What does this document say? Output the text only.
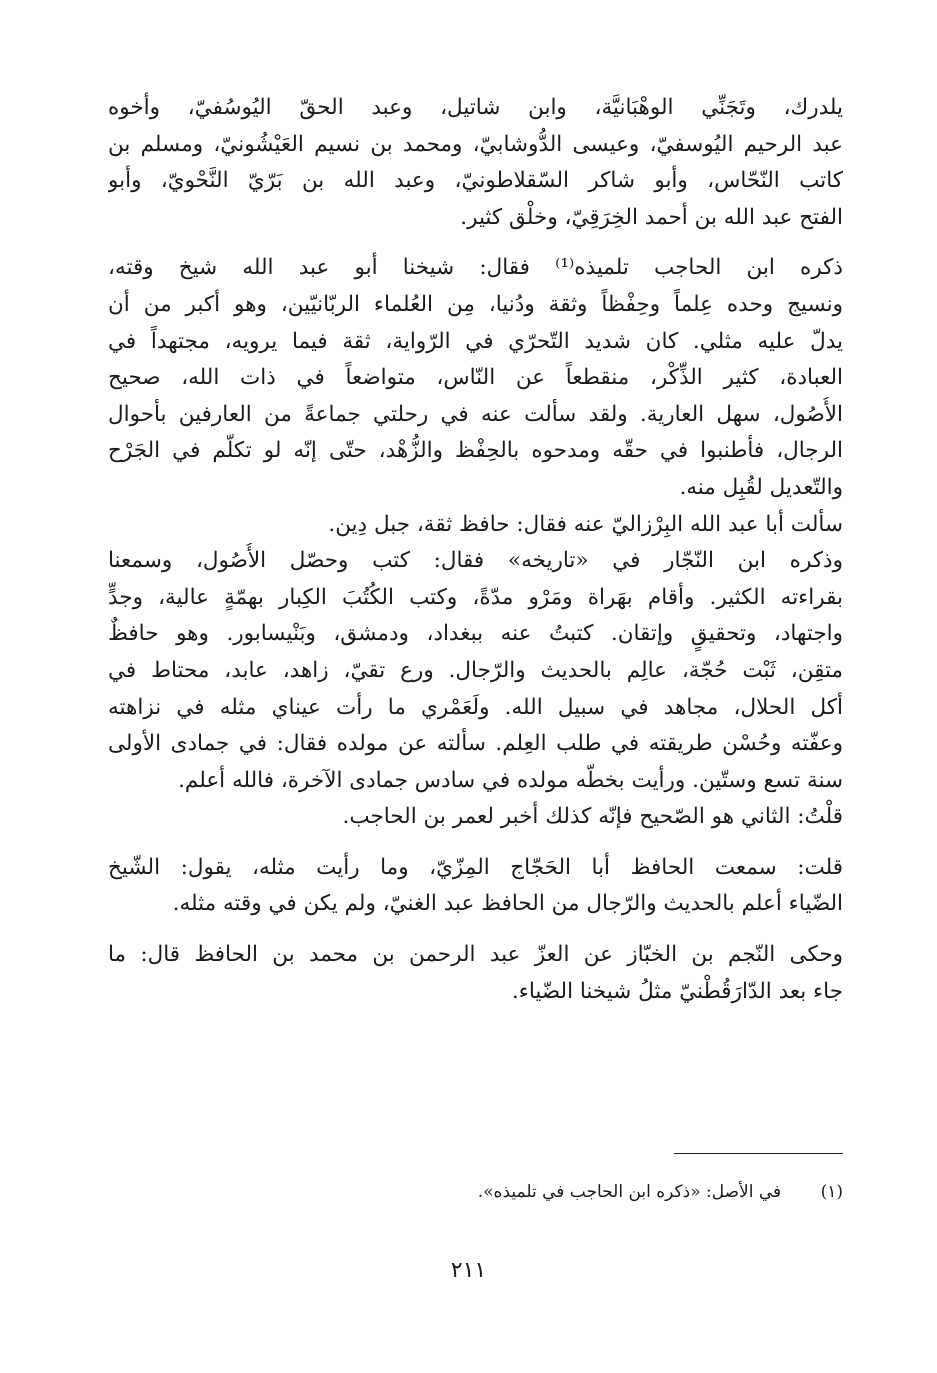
يلدرك، وتَجَنِّي الوهْبَانيَّة، وابن شاتيل، وعبد الحقّ اليُوسُفيّ، وأخوه
عبد الرحيم اليُوسفيّ، وعيسى الدُّوشابيّ، ومحمد بن نسيم العَيْشُونيّ، ومسلم بن
كاتب النّحّاس، وأبو شاكر السّقلاطونيّ، وعبد الله بن بَرّيّ النَّحْويّ، وأبو
الفتح عبد الله بن أحمد الخِرَقِيّ، وخلْق كثير.

ذكره ابن الحاجب تلميذه⁽¹⁾ فقال: شيخنا أبو عبد الله شيخ وقته،
ونسيج وحده عِلماً وحِفْظاً وثقة ودُنيا، مِن العُلماء الربّانيّين، وهو أكبر من أن
يدلّ عليه مثلي. كان شديد التّحرّي في الرّواية، ثقة فيما يرويه، مجتهداً في
العبادة، كثير الذِّكْر، منقطعاً عن النّاس، متواضعاً في ذات الله، صحيح
الأُصُول، سهل العارية. ولقد سألت عنه في رحلتي جماعةً من العارفين بأحوال
الرجال، فأطنبوا في حقّه ومدحوه بالحِفْظ والزُّهْد، حتّى إنّه لو تكلّم في الجَرْح
والتّعديل لقُبِل منه.

سألت أبا عبد الله البِرْزاليّ عنه فقال: حافظ ثقة، جبل دِين.

وذكره ابن النّجّار في «تاريخه» فقال: كتب وحصّل الأُصُول، وسمعنا
بقراءته الكثير. وأقام بهَراة ومَرْو مدّةً، وكتب الكُتُبَ الكِبار بهمّةٍ عالية، وجدٍّ
واجتهاد، وتحقيقٍ وإتقان. كتبتُ عنه ببغداد، ودمشق، وبَنْيسابور. وهو حافظٌ
متقِن، ثَبْت حُجّة، عالِم بالحديث والرّجال. ورع تقيّ، زاهد، عابد، محتاط في
أكل الحلال، مجاهد في سبيل الله. ولَعَمْري ما رأت عيناي مثله في نزاهته
وعفّته وحُسْن طريقته في طلب العِلم. سألته عن مولده فقال: في جمادى الأولى
سنة تسع وستّين. ورأيت بخطّه مولده في سادس جمادى الآخرة، فالله أعلم.

قلْتُ: الثاني هو الصّحيح فإنّه كذلك أخبر لعمر بن الحاجب.

قلت: سمعت الحافظ أبا الحَجّاج المِزّيّ، وما رأيت مثله، يقول: الشّيخ
الضّياء أعلم بالحديث والرّجال من الحافظ عبد الغنيّ، ولم يكن في وقته مثله.

وحكى النّجم بن الخبّاز عن العزّ عبد الرحمن بن محمد بن الحافظ قال: ما
جاء بعد الدّارَقُطْنيّ مثلُ شيخنا الضّياء.

(١) في الأصل: «ذكره ابن الحاجب في تلميذه».
٢١١
